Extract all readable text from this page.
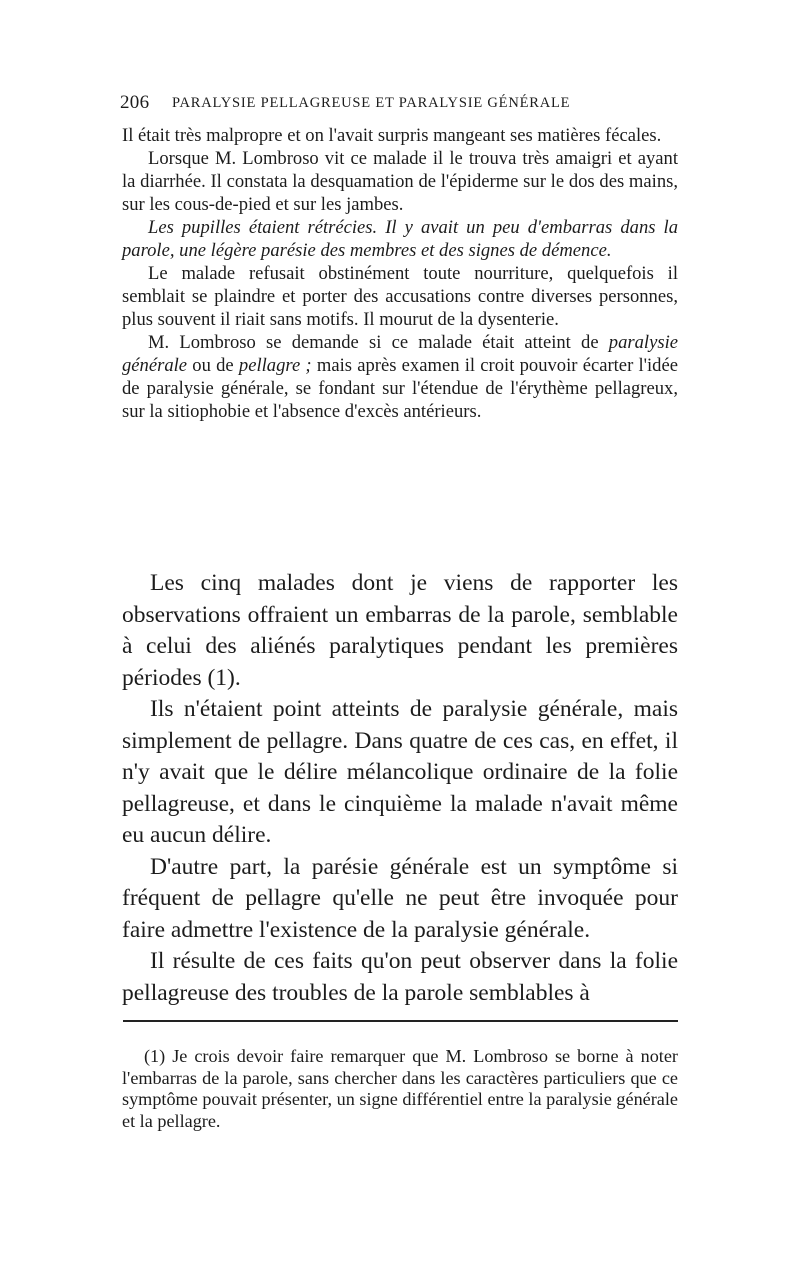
206 PARALYSIE PELLAGREUSE ET PARALYSIE GÉNÉRALE

Il était très malpropre et on l'avait surpris mangeant ses matières fécales.

Lorsque M. Lombroso vit ce malade il le trouva très amaigri et ayant la diarrhée. Il constata la desquamation de l'épiderme sur le dos des mains, sur les cous-de-pied et sur les jambes.

Les pupilles étaient rétrécies. Il y avait un peu d'embarras dans la parole, une légère parésie des membres et des signes de démence.

Le malade refusait obstinément toute nourriture, quelquefois il semblait se plaindre et porter des accusations contre diverses personnes, plus souvent il riait sans motifs. Il mourut de la dysenterie.

M. Lombroso se demande si ce malade était atteint de paralysie générale ou de pellagre ; mais après examen il croit pouvoir écarter l'idée de paralysie générale, se fondant sur l'étendue de l'érythème pellagreux, sur la sitiophobie et l'absence d'excès antérieurs.

Les cinq malades dont je viens de rapporter les observations offraient un embarras de la parole, semblable à celui des aliénés paralytiques pendant les premières périodes (1).

Ils n'étaient point atteints de paralysie générale, mais simplement de pellagre. Dans quatre de ces cas, en effet, il n'y avait que le délire mélancolique ordinaire de la folie pellagreuse, et dans le cinquième la malade n'avait même eu aucun délire.

D'autre part, la parésie générale est un symptôme si fréquent de pellagre qu'elle ne peut être invoquée pour faire admettre l'existence de la paralysie générale.

Il résulte de ces faits qu'on peut observer dans la folie pellagreuse des troubles de la parole semblables à

(1) Je crois devoir faire remarquer que M. Lombroso se borne à noter l'embarras de la parole, sans chercher dans les caractères particuliers que ce symptôme pouvait présenter, un signe différentiel entre la paralysie générale et la pellagre.
